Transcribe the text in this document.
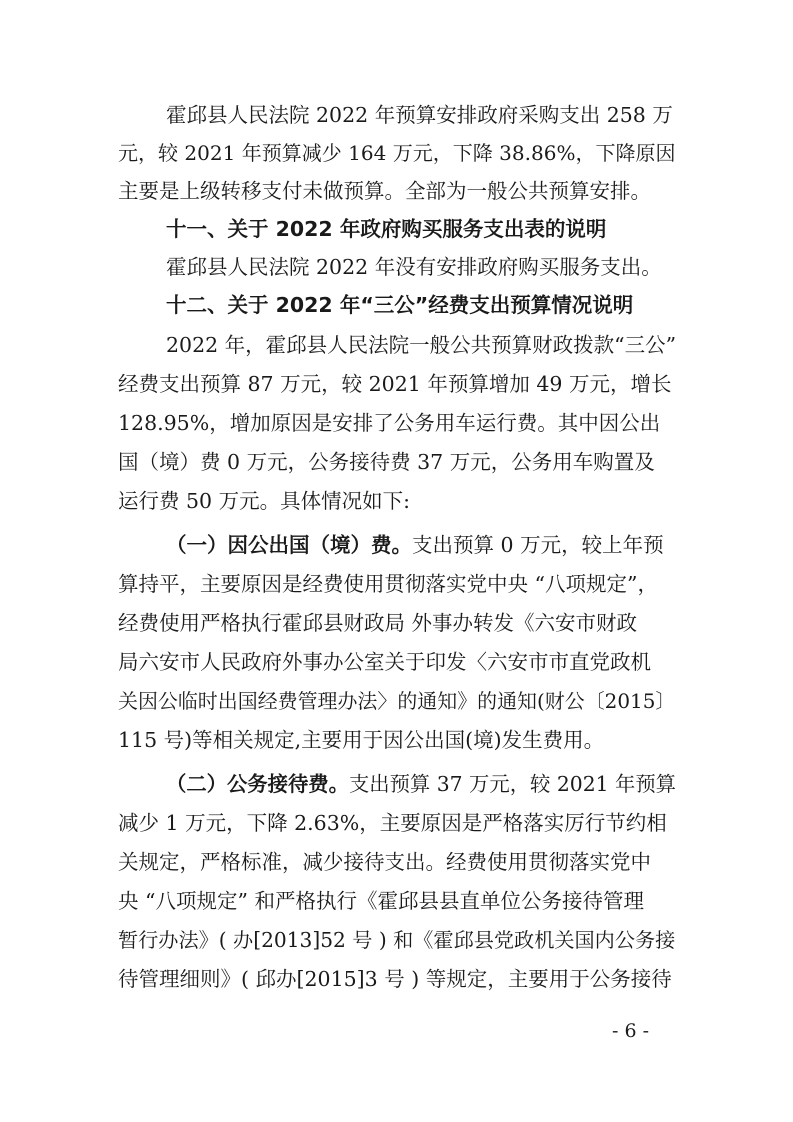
霍邱县人民法院 2022 年预算安排政府采购支出 258 万
元，较 2021 年预算减少 164 万元，下降 38.86%，下降原因
主要是上级转移支付未做预算。全部为一般公共预算安排。
十一、关于 2022 年政府购买服务支出表的说明
霍邱县人民法院 2022 年没有安排政府购买服务支出。
十二、关于 2022 年“三公”经费支出预算情况说明
2022 年，霍邱县人民法院一般公共预算财政拨款“三公”
经费支出预算 87 万元，较 2021 年预算增加 49 万元，增长
128.95%，增加原因是安排了公务用车运行费。其中因公出
国（境）费 0 万元，公务接待费 37 万元，公务用车购置及
运行费 50 万元。具体情况如下:
（一）因公出国（境）费。支出预算 0 万元，较上年预
算持平，主要原因是经费使用贯彻落实党中央 “八项规定”，
经费使用严格执行霍邱县财政局 外事办转发《六安市财政
局六安市人民政府外事办公室关于印发〈六安市市直党政机
关因公临时出国经费管理办法〉的通知》的通知(财公〔2015〕
115 号)等相关规定,主要用于因公出国(境)发生费用。
（二）公务接待费。支出预算 37 万元，较 2021 年预算
减少 1 万元，下降 2.63%，主要原因是严格落实厉行节约相
关规定，严格标准，减少接待支出。经费使用贯彻落实党中
央 “八项规定” 和严格执行《霍邱县县直单位公务接待管理
暂行办法》( 办[2013]52 号 ) 和《霍邱县党政机关国内公务接
待管理细则》( 邱办[2015]3 号 ) 等规定，主要用于公务接待
- 6 -
